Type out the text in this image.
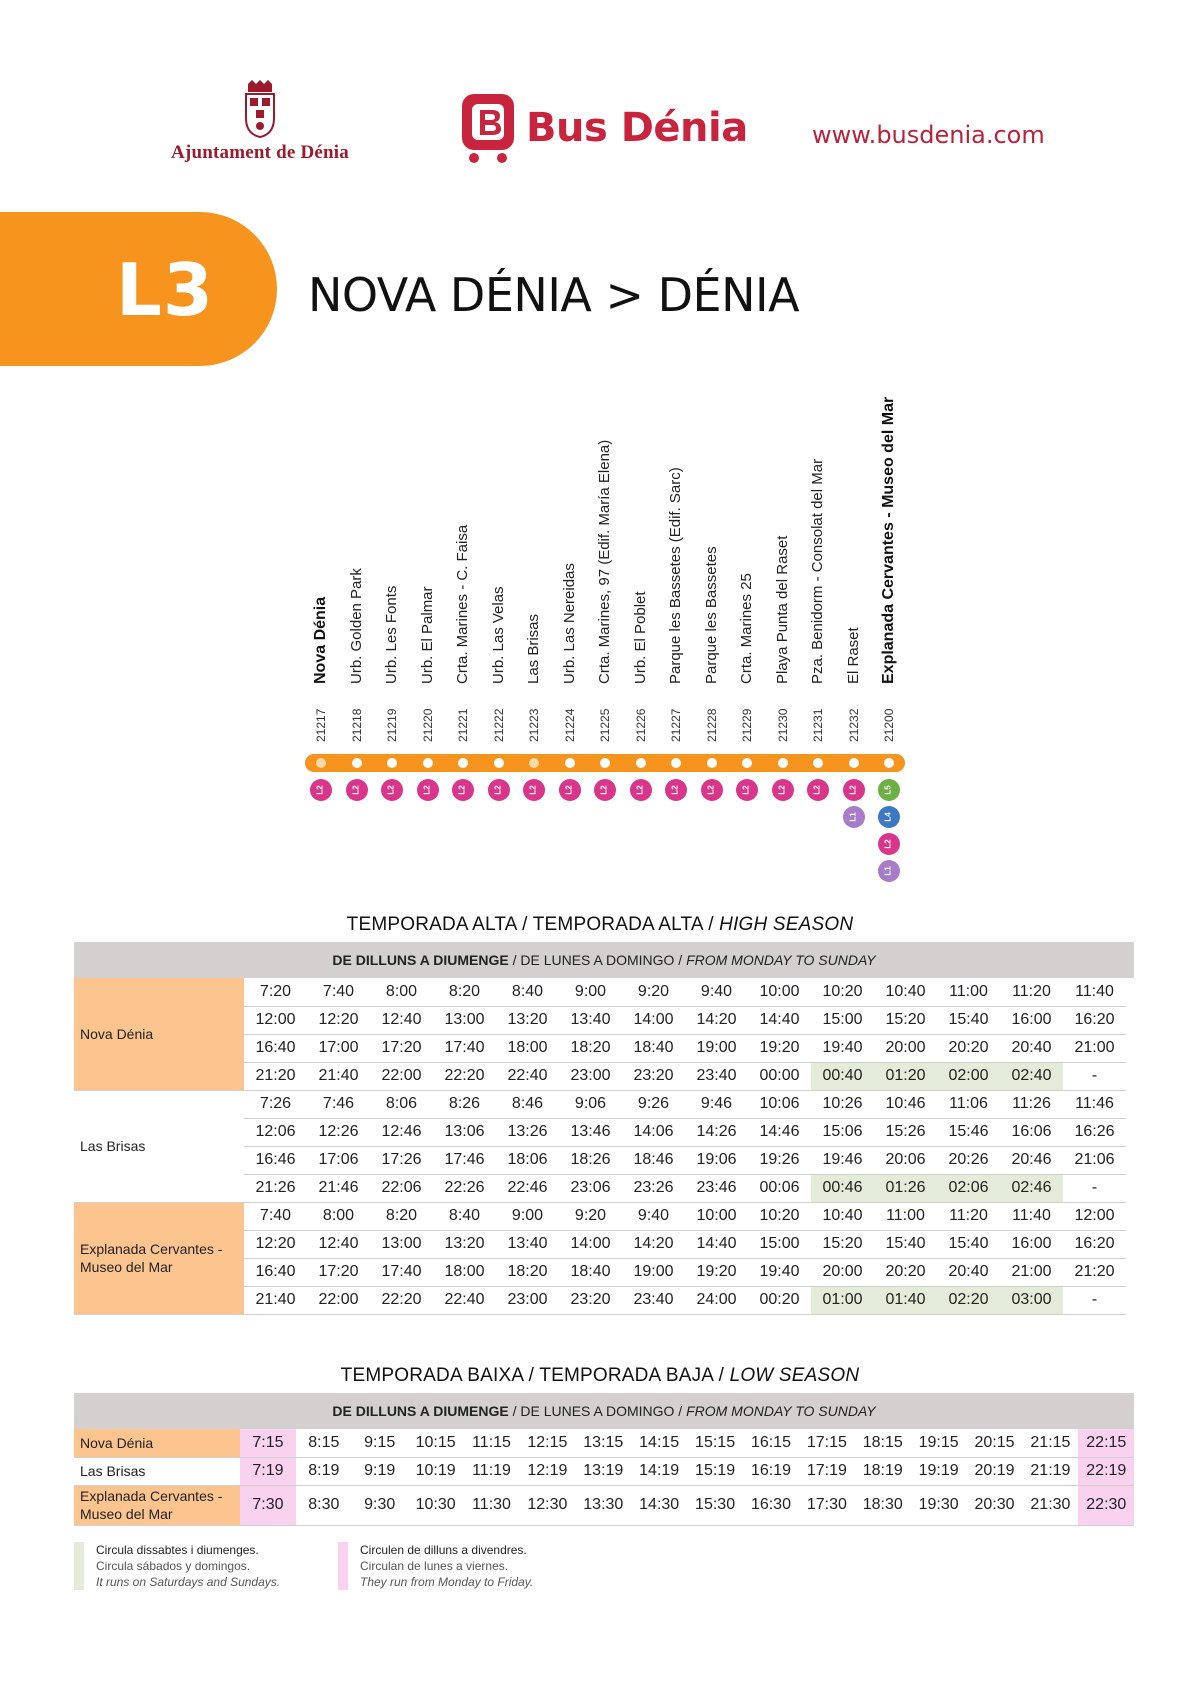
Ajuntament de Dénia
Bus Dénia	www.busdenia.com
L3 NOVA DÉNIA > DÉNIA
Nova Dénia
21217
L2
Urb. Golden Park
21218
L2
Urb. Les Fonts
21219
L2
Urb. El Palmar
21220
L2
Crta. Marines - C. Faisa
21221
L2
Urb. Las Velas
21222
L2
Las Brisas
21223
L2
Urb. Las Nereidas
21224
L2
Crta. Marines, 97 (Edif. María Elena)
21225
L2
Urb. El Poblet
21226
L2
Parque les Bassetes (Edif. Sarc)
21227
L2
Parque les Bassetes
21228
L2
Crta. Marines 25
21229
L2
Playa Punta del Raset
21230
L2
Pza. Benidorm - Consolat del Mar
21231
L2
El Raset
21232
L2
L1
Explanada Cervantes - Museo del Mar
21200
L5
L4
L2
L1
TEMPORADA ALTA / TEMPORADA ALTA / HIGH SEASON
DE DILLUNS A DIUMENGE / DE LUNES A DOMINGO / FROM MONDAY TO SUNDAY
Nova Dénia	7:20	7:40	8:00	8:20	8:40	9:00	9:20	9:40	10:00	10:20	10:40	11:00	11:20	11:40
	12:00	12:20	12:40	13:00	13:20	13:40	14:00	14:20	14:40	15:00	15:20	15:40	16:00	16:20
	16:40	17:00	17:20	17:40	18:00	18:20	18:40	19:00	19:20	19:40	20:00	20:20	20:40	21:00
	21:20	21:40	22:00	22:20	22:40	23:00	23:20	23:40	00:00	00:40	01:20	02:00	02:40	-
Las Brisas	7:26	7:46	8:06	8:26	8:46	9:06	9:26	9:46	10:06	10:26	10:46	11:06	11:26	11:46
	12:06	12:26	12:46	13:06	13:26	13:46	14:06	14:26	14:46	15:06	15:26	15:46	16:06	16:26
	16:46	17:06	17:26	17:46	18:06	18:26	18:46	19:06	19:26	19:46	20:06	20:26	20:46	21:06
	21:26	21:46	22:06	22:26	22:46	23:06	23:26	23:46	00:06	00:46	01:26	02:06	02:46	-
Explanada Cervantes - Museo del Mar	7:40	8:00	8:20	8:40	9:00	9:20	9:40	10:00	10:20	10:40	11:00	11:20	11:40	12:00
	12:20	12:40	13:00	13:20	13:40	14:00	14:20	14:40	15:00	15:20	15:40	15:40	16:00	16:20
	16:40	17:20	17:40	18:00	18:20	18:40	19:00	19:20	19:40	20:00	20:20	20:40	21:00	21:20
	21:40	22:00	22:20	22:40	23:00	23:20	23:40	24:00	00:20	01:00	01:40	02:20	03:00	-
TEMPORADA BAIXA / TEMPORADA BAJA / LOW SEASON
DE DILLUNS A DIUMENGE / DE LUNES A DOMINGO / FROM MONDAY TO SUNDAY
Nova Dénia	7:15	8:15	9:15	10:15	11:15	12:15	13:15	14:15	15:15	16:15	17:15	18:15	19:15	20:15	21:15	22:15
Las Brisas	7:19	8:19	9:19	10:19	11:19	12:19	13:19	14:19	15:19	16:19	17:19	18:19	19:19	20:19	21:19	22:19
Explanada Cervantes - Museo del Mar	7:30	8:30	9:30	10:30	11:30	12:30	13:30	14:30	15:30	16:30	17:30	18:30	19:30	20:30	21:30	22:30
Circula dissabtes i diumenges.
Circula sábados y domingos.
It runs on Saturdays and Sundays.
Circulen de dilluns a divendres.
Circulan de lunes a viernes.
They run from Monday to Friday.
